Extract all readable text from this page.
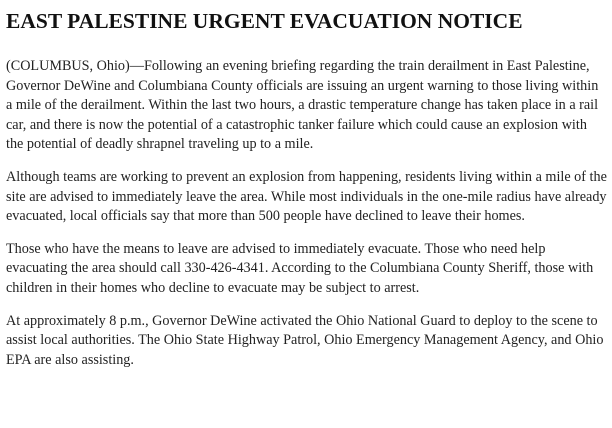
EAST PALESTINE URGENT EVACUATION NOTICE

(COLUMBUS, Ohio)—Following an evening briefing regarding the train derailment in East Palestine, Governor DeWine and Columbiana County officials are issuing an urgent warning to those living within a mile of the derailment. Within the last two hours, a drastic temperature change has taken place in a rail car, and there is now the potential of a catastrophic tanker failure which could cause an explosion with the potential of deadly shrapnel traveling up to a mile.

Although teams are working to prevent an explosion from happening, residents living within a mile of the site are advised to immediately leave the area. While most individuals in the one-mile radius have already evacuated, local officials say that more than 500 people have declined to leave their homes.

Those who have the means to leave are advised to immediately evacuate. Those who need help evacuating the area should call 330-426-4341. According to the Columbiana County Sheriff, those with children in their homes who decline to evacuate may be subject to arrest.

At approximately 8 p.m., Governor DeWine activated the Ohio National Guard to deploy to the scene to assist local authorities. The Ohio State Highway Patrol, Ohio Emergency Management Agency, and Ohio EPA are also assisting.
